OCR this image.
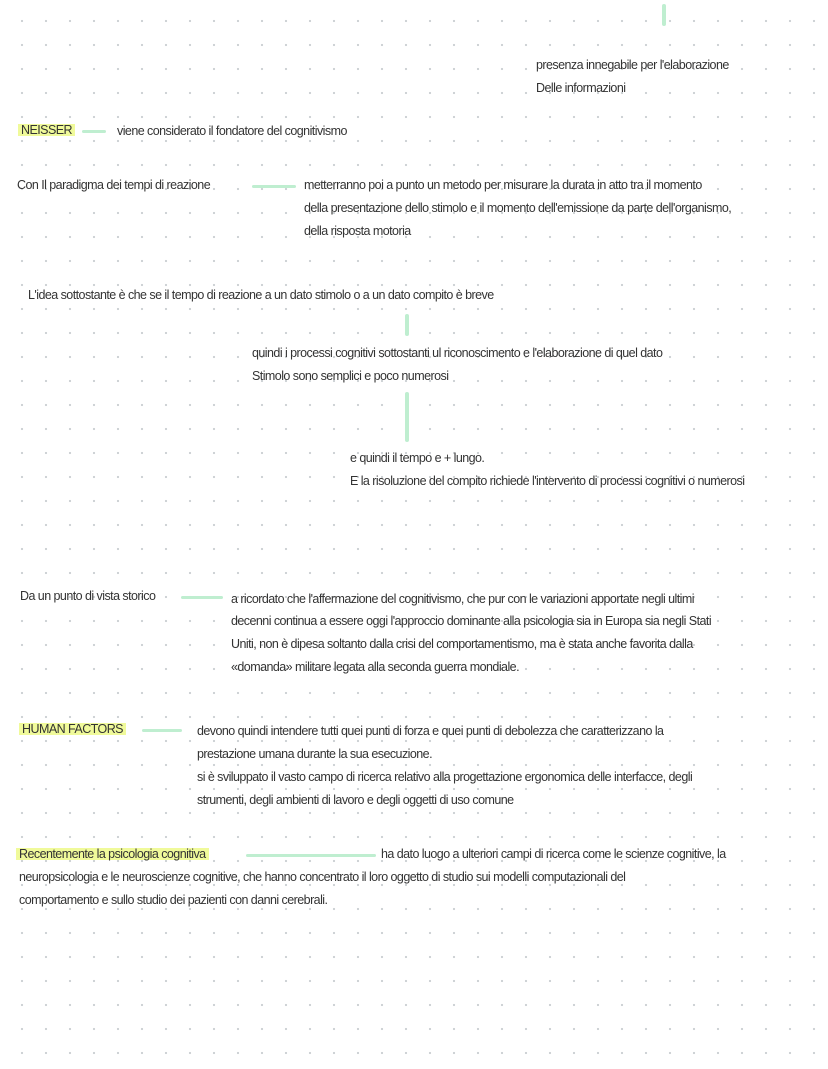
presenza innegabile per l'elaborazione
Delle informazioni
NEISSER	viene considerato il fondatore del cognitivismo
Con Il paradigma dei tempi di reazione	metterranno poi a punto un metodo per misurare la durata in atto tra il momento
della presentazione dello stimolo e il momento dell'emissione da parte dell'organismo,
della risposta motoria
L'idea sottostante è che se il tempo di reazione a un dato stimolo o a un dato compito è breve
quindi i processi cognitivi sottostanti ul riconoscimento e l'elaborazione di quel dato
Stimolo sono semplici e poco numerosi
e quindi il tempo e + lungo.
E la risoluzione del compito richiede l'intervento di processi cognitivi o numerosi
Da un punto di vista storico	a ricordato che l'affermazione del cognitivismo, che pur con le variazioni apportate negli ultimi
decenni continua a essere oggi l'approccio dominante alla psicologia sia in Europa sia negli Stati
Uniti, non è dipesa soltanto dalla crisi del comportamentismo, ma è stata anche favorita dalla
«domanda» militare legata alla seconda guerra mondiale.
HUMAN FACTORS	devono quindi intendere tutti quei punti di forza e quei punti di debolezza che caratterizzano la
prestazione umana durante la sua esecuzione.
si è sviluppato il vasto campo di ricerca relativo alla progettazione ergonomica delle interfacce, degli
strumenti, degli ambienti di lavoro e degli oggetti di uso comune
Recentemente la psicologia cognitiva	ha dato luogo a ulteriori campi di ricerca come le scienze cognitive, la
neuropsicologia e le neuroscienze cognitive, che hanno concentrato il loro oggetto di studio sui modelli computazionali del
comportamento e sullo studio dei pazienti con danni cerebrali.
